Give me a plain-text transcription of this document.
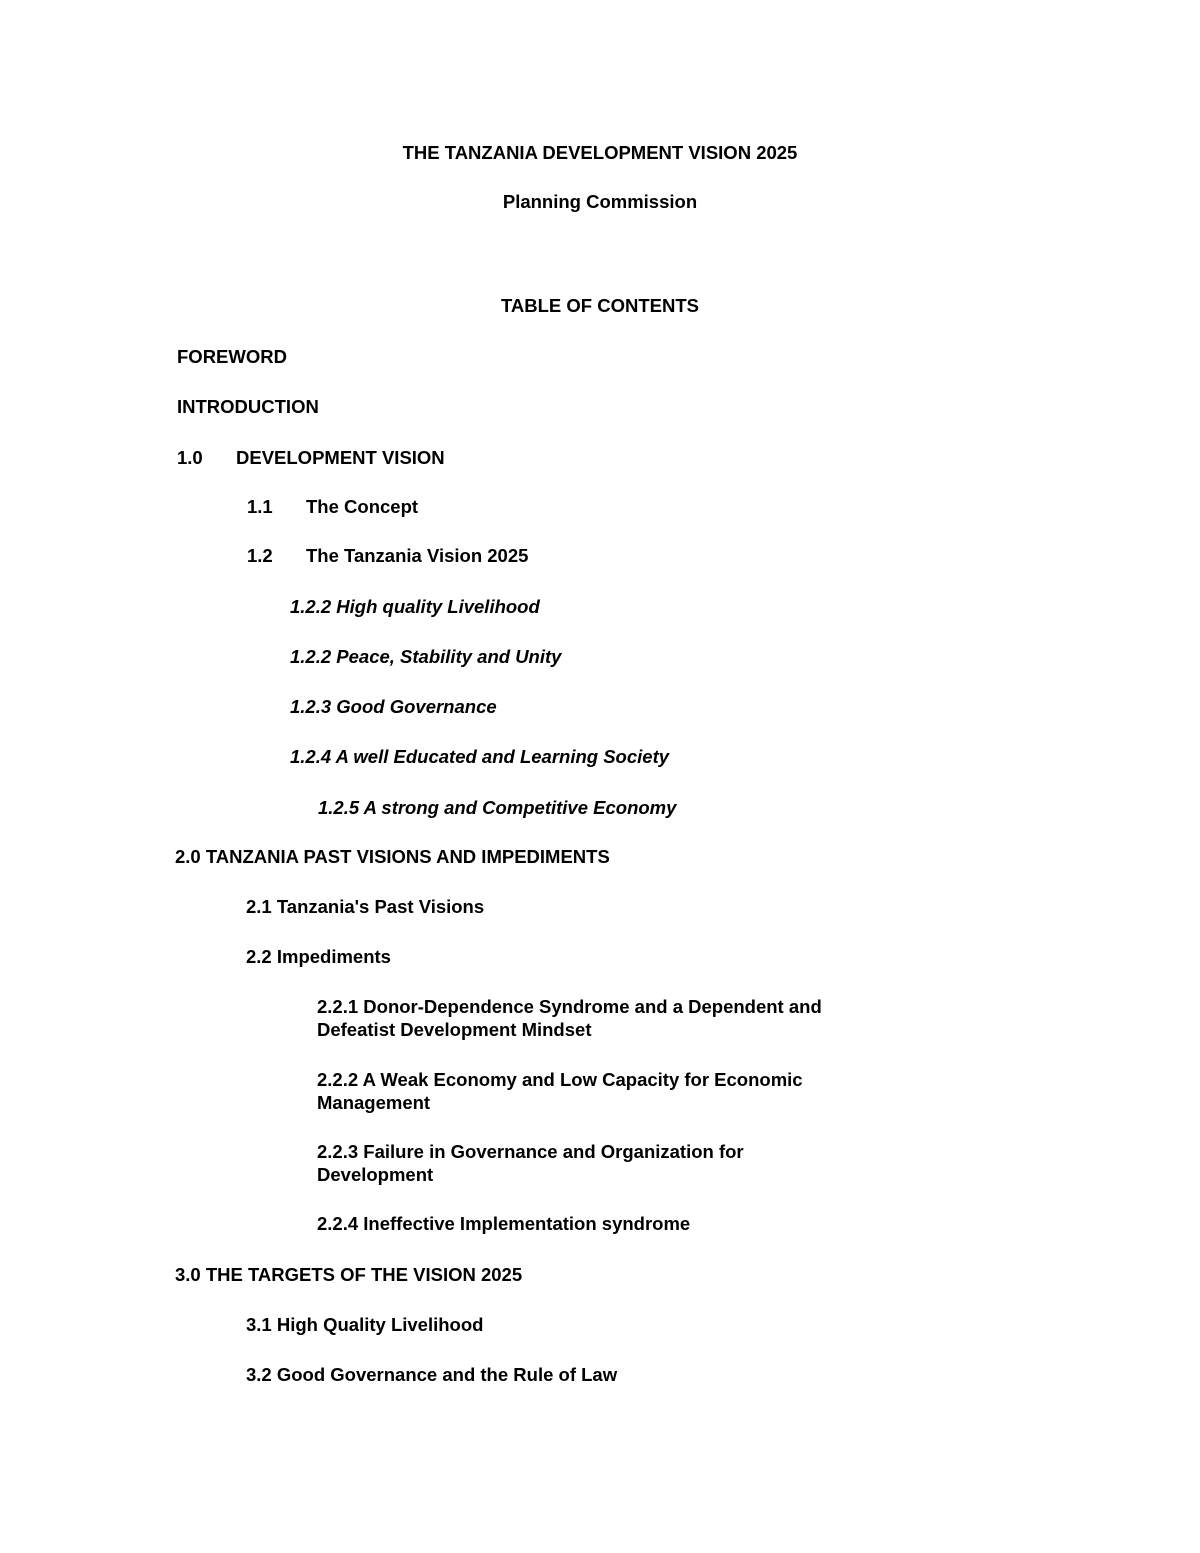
THE TANZANIA DEVELOPMENT VISION 2025
Planning Commission
TABLE OF CONTENTS
FOREWORD
INTRODUCTION
1.0 DEVELOPMENT VISION
1.1 The Concept
1.2 The Tanzania Vision 2025
1.2.2 High quality Livelihood
1.2.2 Peace, Stability and Unity
1.2.3 Good Governance
1.2.4 A well Educated and Learning Society
1.2.5 A strong and Competitive Economy
2.0 TANZANIA PAST VISIONS AND IMPEDIMENTS
2.1 Tanzania's Past Visions
2.2 Impediments
2.2.1 Donor-Dependence Syndrome and a Dependent and
Defeatist Development Mindset
2.2.2 A Weak Economy and Low Capacity for Economic
Management
2.2.3 Failure in Governance and Organization for
Development
2.2.4 Ineffective Implementation syndrome
3.0 THE TARGETS OF THE VISION 2025
3.1 High Quality Livelihood
3.2 Good Governance and the Rule of Law
